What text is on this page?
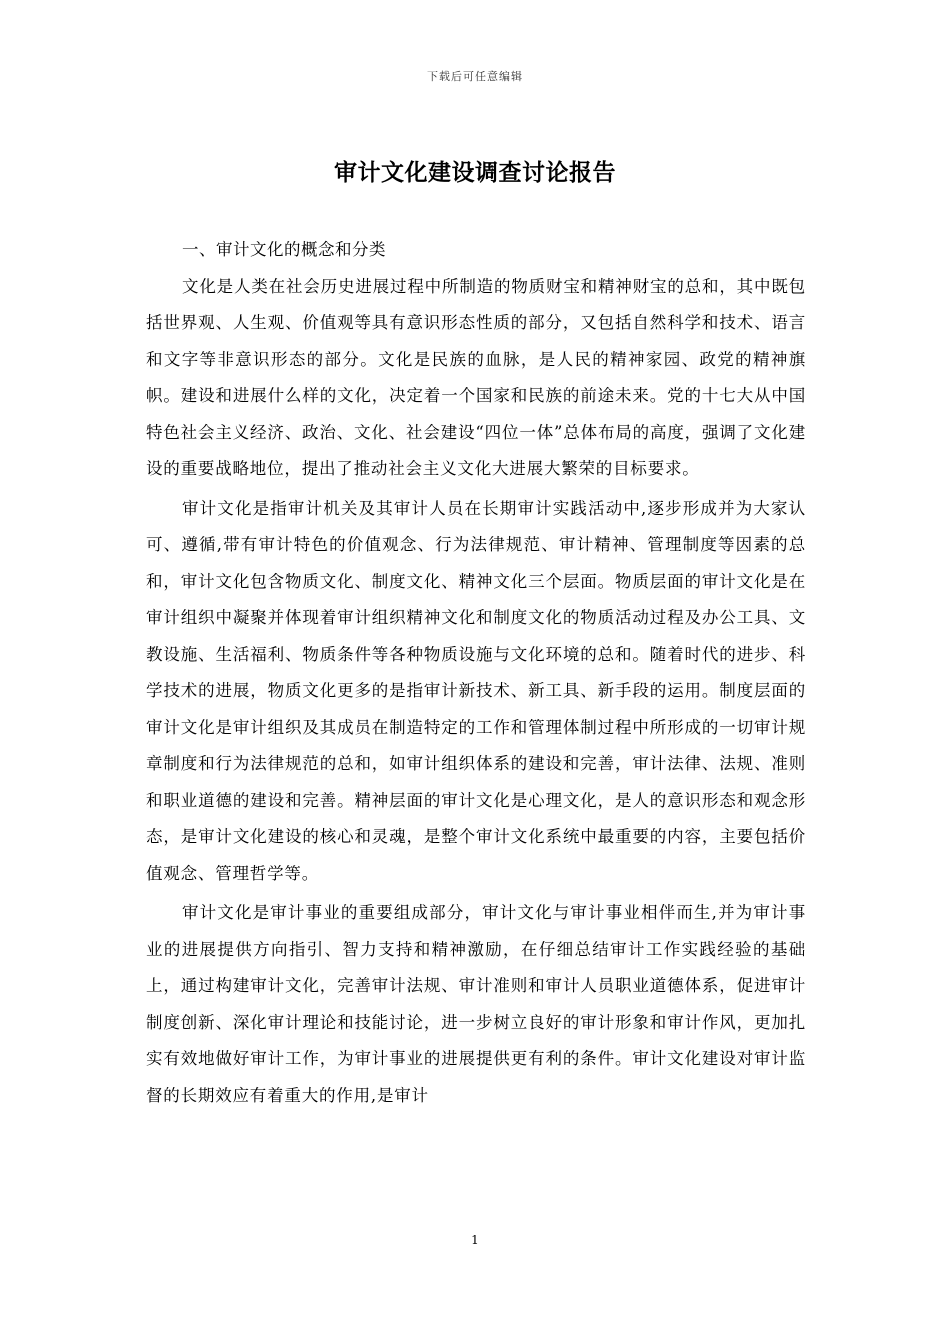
下载后可任意编辑
审计文化建设调查讨论报告
一、审计文化的概念和分类

文化是人类在社会历史进展过程中所制造的物质财宝和精神财宝的总和，其中既包括世界观、人生观、价值观等具有意识形态性质的部分，又包括自然科学和技术、语言和文字等非意识形态的部分。文化是民族的血脉，是人民的精神家园、政党的精神旗帜。建设和进展什么样的文化，决定着一个国家和民族的前途未来。党的十七大从中国特色社会主义经济、政治、文化、社会建设“四位一体”总体布局的高度，强调了文化建设的重要战略地位，提出了推动社会主义文化大进展大繁荣的目标要求。

审计文化是指审计机关及其审计人员在长期审计实践活动中,逐步形成并为大家认可、遵循,带有审计特色的价值观念、行为法律规范、审计精神、管理制度等因素的总和，审计文化包含物质文化、制度文化、精神文化三个层面。物质层面的审计文化是在审计组织中凝聚并体现着审计组织精神文化和制度文化的物质活动过程及办公工具、文教设施、生活福利、物质条件等各种物质设施与文化环境的总和。随着时代的进步、科学技术的进展，物质文化更多的是指审计新技术、新工具、新手段的运用。制度层面的审计文化是审计组织及其成员在制造特定的工作和管理体制过程中所形成的一切审计规章制度和行为法律规范的总和，如审计组织体系的建设和完善，审计法律、法规、准则和职业道德的建设和完善。精神层面的审计文化是心理文化，是人的意识形态和观念形态，是审计文化建设的核心和灵魂，是整个审计文化系统中最重要的内容，主要包括价值观念、管理哲学等。

审计文化是审计事业的重要组成部分，审计文化与审计事业相伴而生,并为审计事业的进展提供方向指引、智力支持和精神激励，在仔细总结审计工作实践经验的基础上，通过构建审计文化，完善审计法规、审计准则和审计人员职业道德体系，促进审计制度创新、深化审计理论和技能讨论，进一步树立良好的审计形象和审计作风，更加扎实有效地做好审计工作，为审计事业的进展提供更有利的条件。审计文化建设对审计监督的长期效应有着重大的作用,是审计

1
